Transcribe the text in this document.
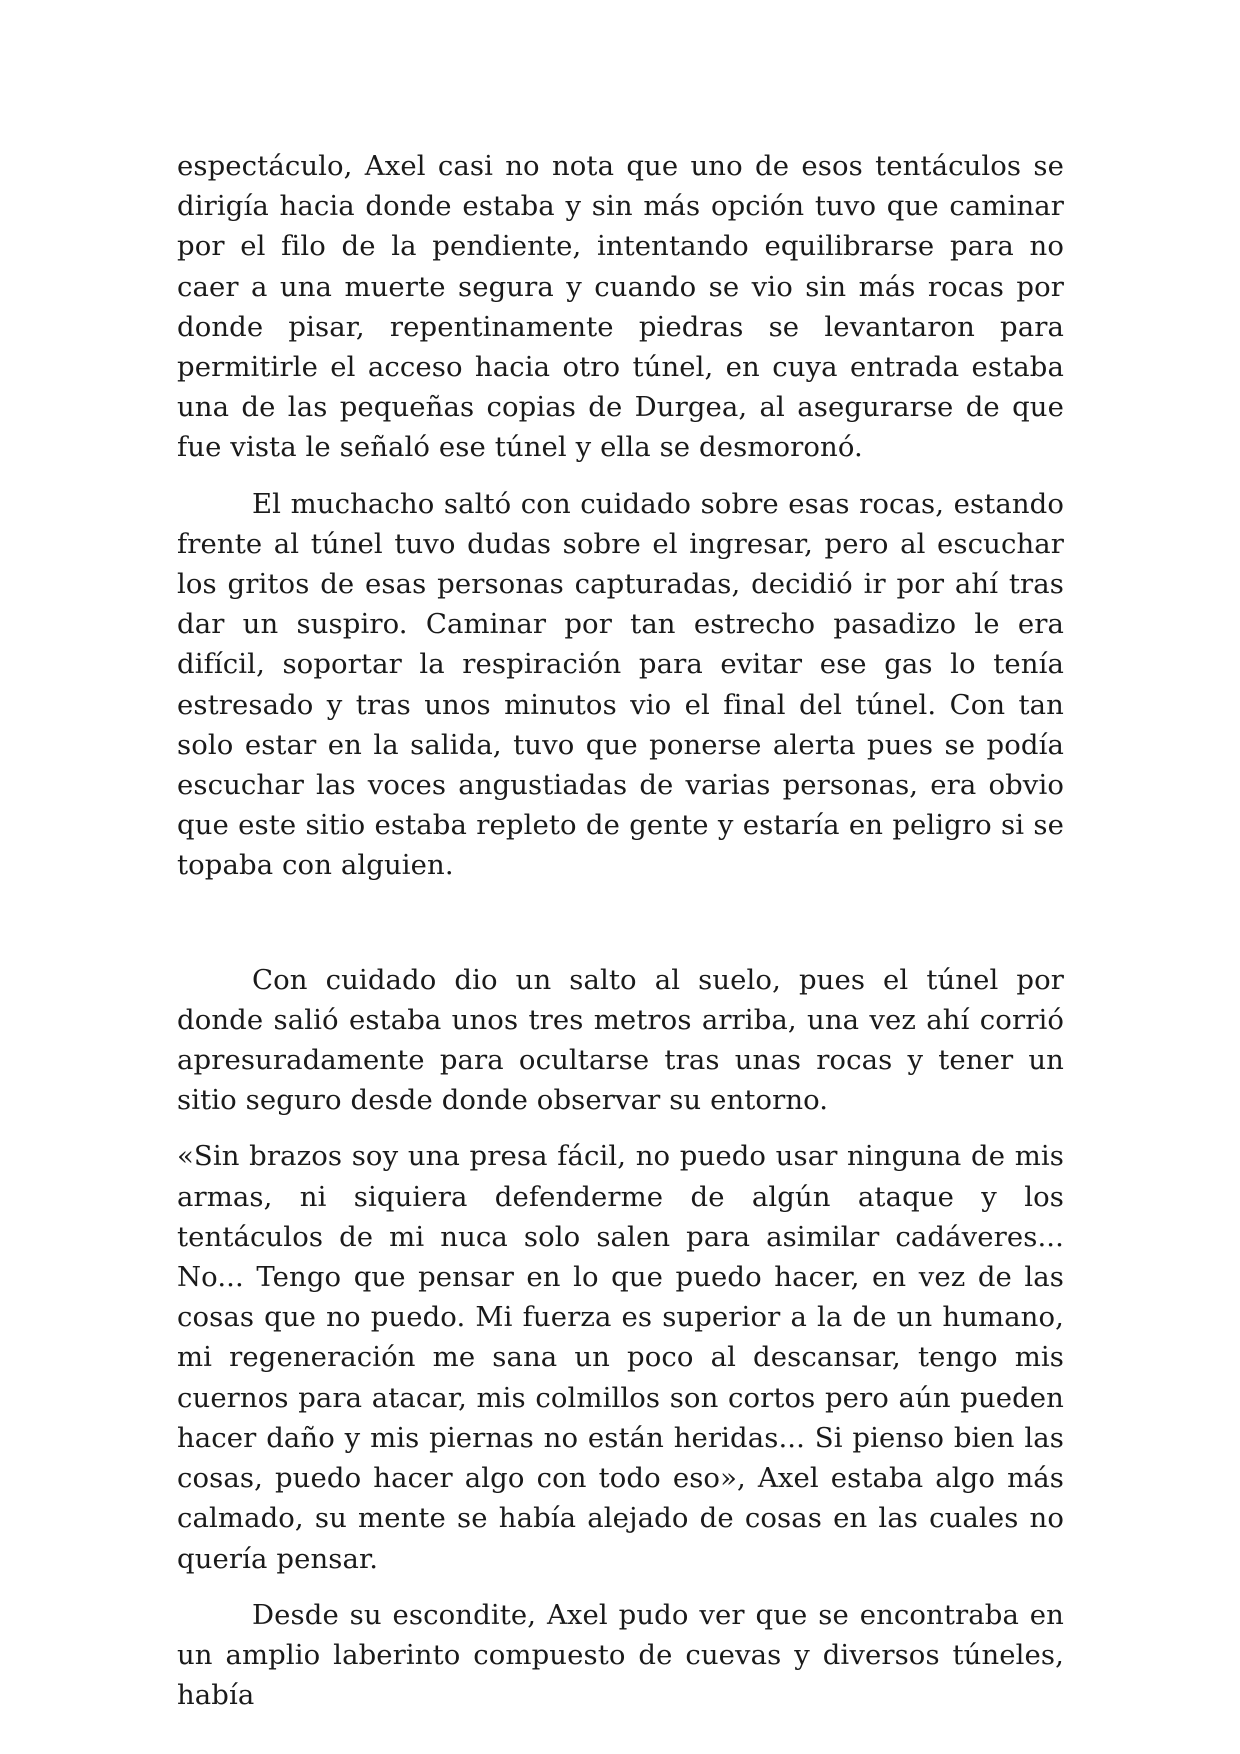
espectáculo, Axel casi no nota que uno de esos tentáculos se dirigía hacia donde estaba y sin más opción tuvo que caminar por el filo de la pendiente, intentando equilibrarse para no caer a una muerte segura y cuando se vio sin más rocas por donde pisar, repentinamente piedras se levantaron para permitirle el acceso hacia otro túnel, en cuya entrada estaba una de las pequeñas copias de Durgea, al asegurarse de que fue vista le señaló ese túnel y ella se desmoronó.

El muchacho saltó con cuidado sobre esas rocas, estando frente al túnel tuvo dudas sobre el ingresar, pero al escuchar los gritos de esas personas capturadas, decidió ir por ahí tras dar un suspiro. Caminar por tan estrecho pasadizo le era difícil, soportar la respiración para evitar ese gas lo tenía estresado y tras unos minutos vio el final del túnel. Con tan solo estar en la salida, tuvo que ponerse alerta pues se podía escuchar las voces angustiadas de varias personas, era obvio que este sitio estaba repleto de gente y estaría en peligro si se topaba con alguien.

Con cuidado dio un salto al suelo, pues el túnel por donde salió estaba unos tres metros arriba, una vez ahí corrió apresuradamente para ocultarse tras unas rocas y tener un sitio seguro desde donde observar su entorno.

«Sin brazos soy una presa fácil, no puedo usar ninguna de mis armas, ni siquiera defenderme de algún ataque y los tentáculos de mi nuca solo salen para asimilar cadáveres... No... Tengo que pensar en lo que puedo hacer, en vez de las cosas que no puedo. Mi fuerza es superior a la de un humano, mi regeneración me sana un poco al descansar, tengo mis cuernos para atacar, mis colmillos son cortos pero aún pueden hacer daño y mis piernas no están heridas... Si pienso bien las cosas, puedo hacer algo con todo eso», Axel estaba algo más calmado, su mente se había alejado de cosas en las cuales no quería pensar.

Desde su escondite, Axel pudo ver que se encontraba en un amplio laberinto compuesto de cuevas y diversos túneles, había
